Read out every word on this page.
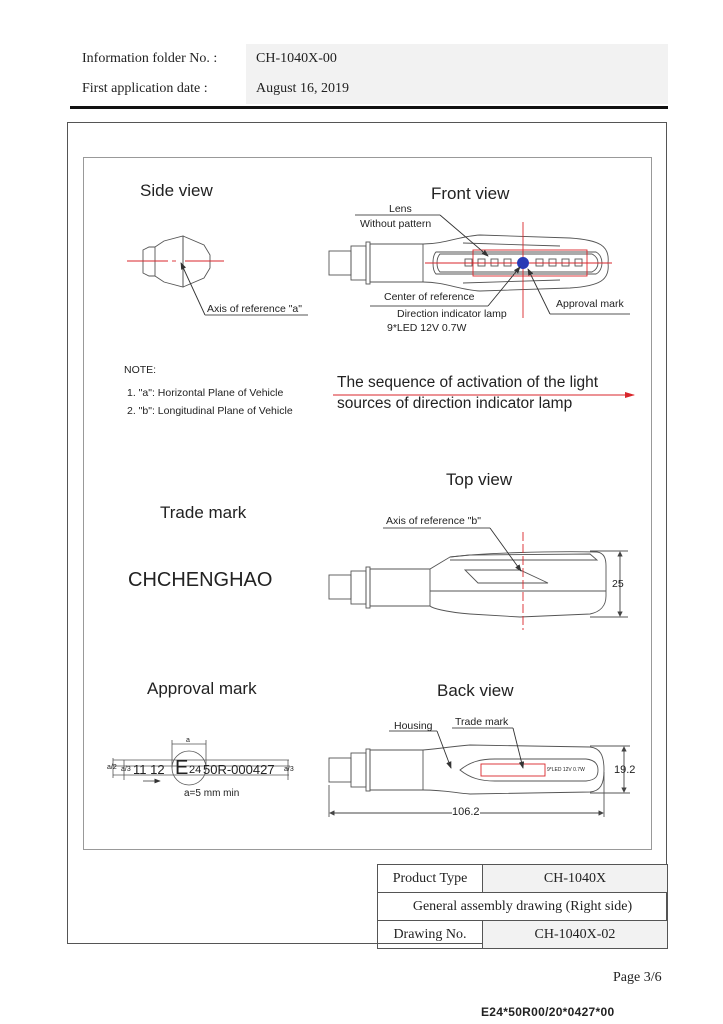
Information folder No. :	CH-1040X-00
First application date :	August 16, 2019
Side view
Axis of reference "a"
Front view
Lens
Without pattern
Center of reference
Direction indicator lamp
9*LED 12V 0.7W
Approval mark
NOTE:
1. "a": Horizontal Plane of Vehicle
2. "b": Longitudinal Plane of Vehicle
The sequence of activation of the light
sources of direction indicator lamp
Top view
Axis of reference "b"
25
Trade mark
CHCHENGHAO
Approval mark
a
a/2 a/3	a/3
11 12 E 24 50R-000427
a=5 mm min
Back view
Housing Trade mark
9*LED 12V 0.7W	19.2
106.2
Product Type	CH-1040X
General assembly drawing (Right side)	
Drawing No.	CH-1040X-02
Page 3/6
E24*50R00/20*0427*00
